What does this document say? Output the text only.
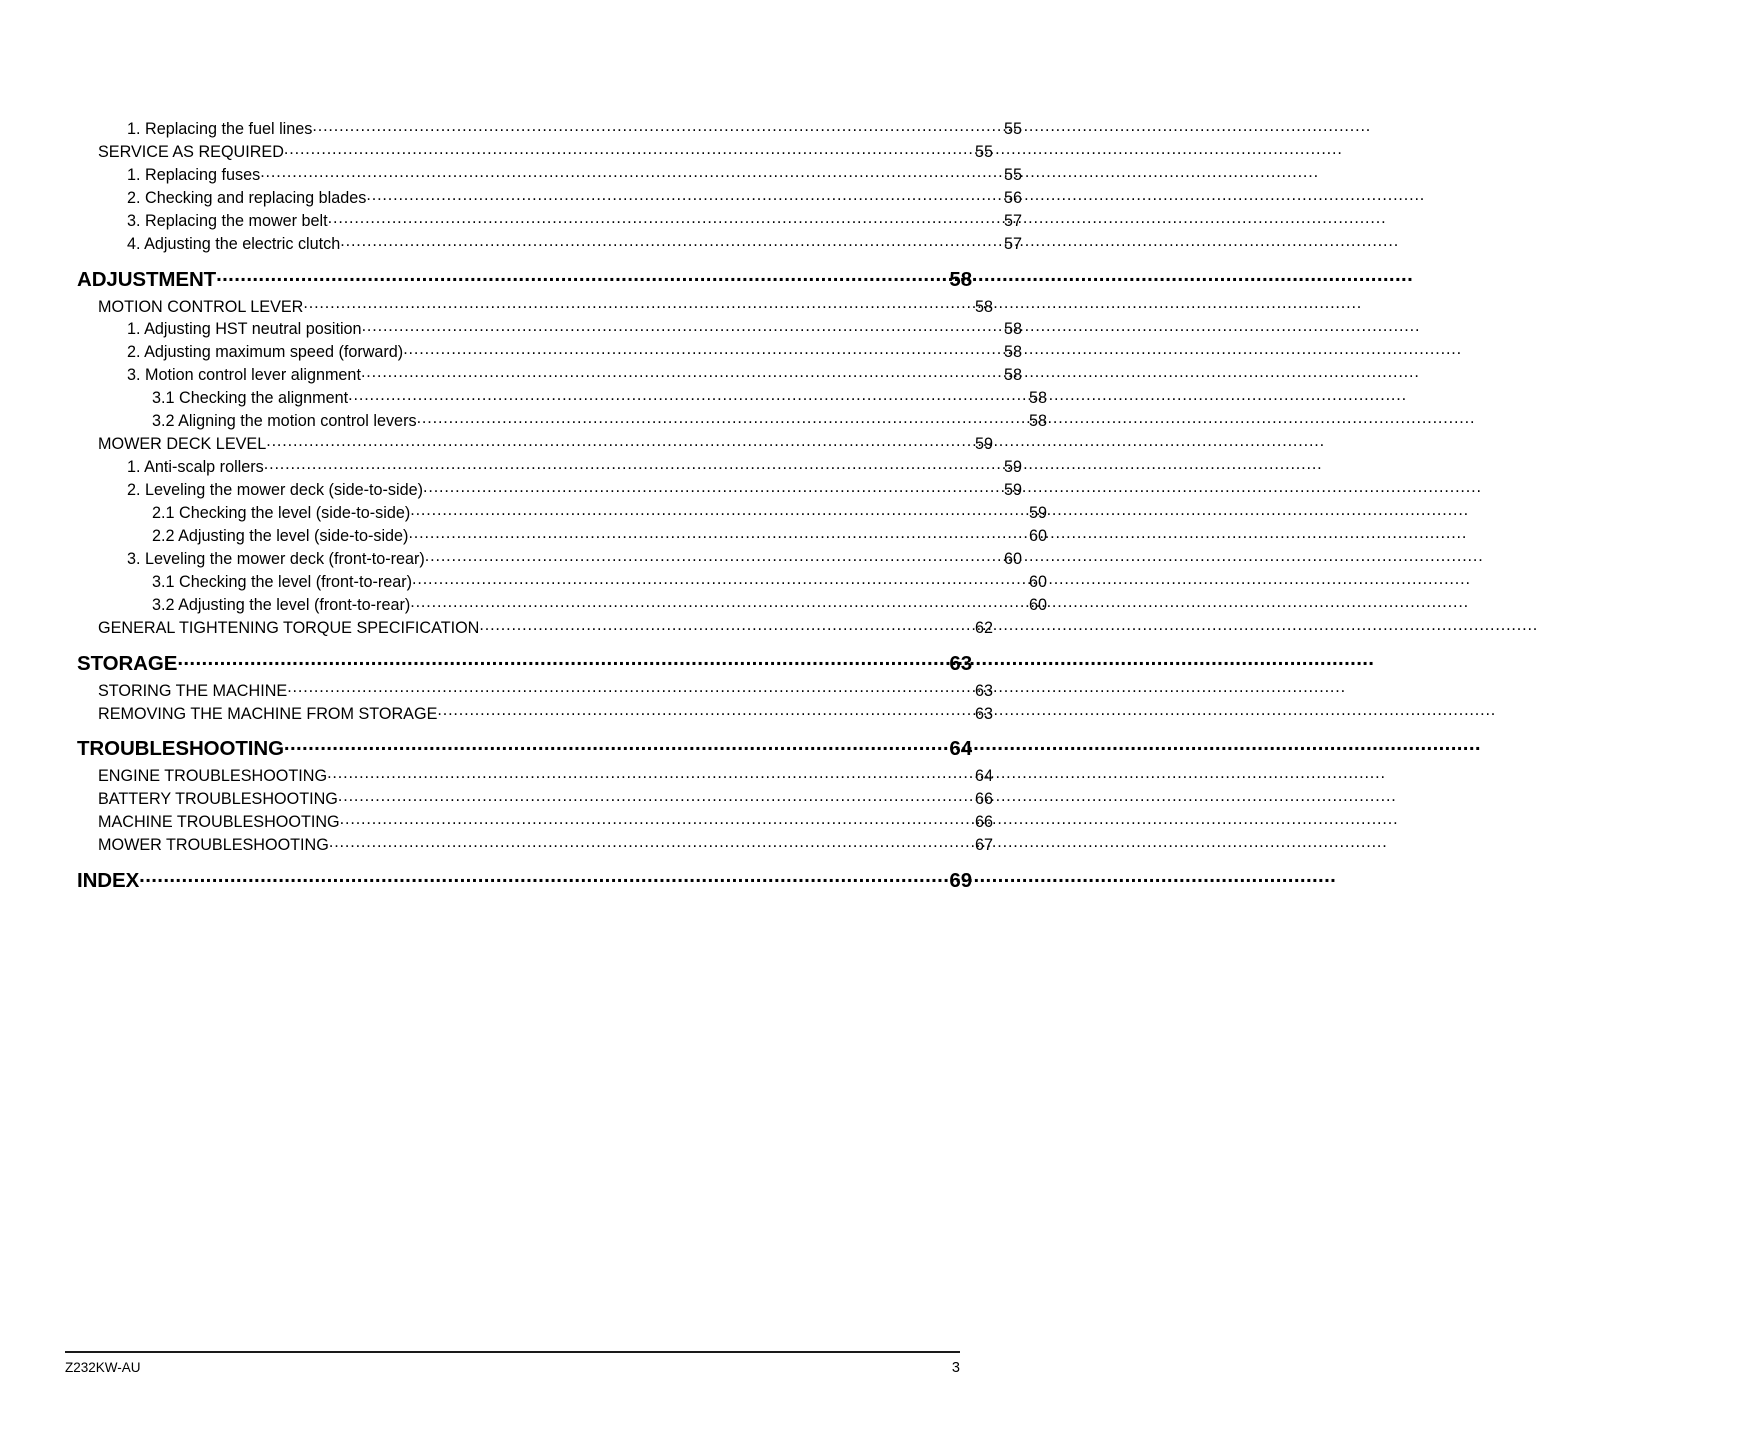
1. Replacing the fuel lines .....	55
SERVICE AS REQUIRED .....	55
1. Replacing fuses .....	55
2. Checking and replacing blades .....	56
3. Replacing the mower belt .....	57
4. Adjusting the electric clutch .....	57
ADJUSTMENT .....	58
MOTION CONTROL LEVER .....	58
1. Adjusting HST neutral position .....	58
2. Adjusting maximum speed (forward) .....	58
3. Motion control lever alignment .....	58
3.1 Checking the alignment .....	58
3.2 Aligning the motion control levers .....	58
MOWER DECK LEVEL .....	59
1. Anti-scalp rollers .....	59
2. Leveling the mower deck (side-to-side) .....	59
2.1 Checking the level (side-to-side) .....	59
2.2 Adjusting the level (side-to-side) .....	60
3. Leveling the mower deck (front-to-rear) .....	60
3.1 Checking the level (front-to-rear) .....	60
3.2 Adjusting the level (front-to-rear) .....	60
GENERAL TIGHTENING TORQUE SPECIFICATION .....	62
STORAGE .....	63
STORING THE MACHINE .....	63
REMOVING THE MACHINE FROM STORAGE .....	63
TROUBLESHOOTING .....	64
ENGINE TROUBLESHOOTING .....	64
BATTERY TROUBLESHOOTING .....	66
MACHINE TROUBLESHOOTING .....	66
MOWER TROUBLESHOOTING .....	67
INDEX .....	69
Z232KW-AU	3
